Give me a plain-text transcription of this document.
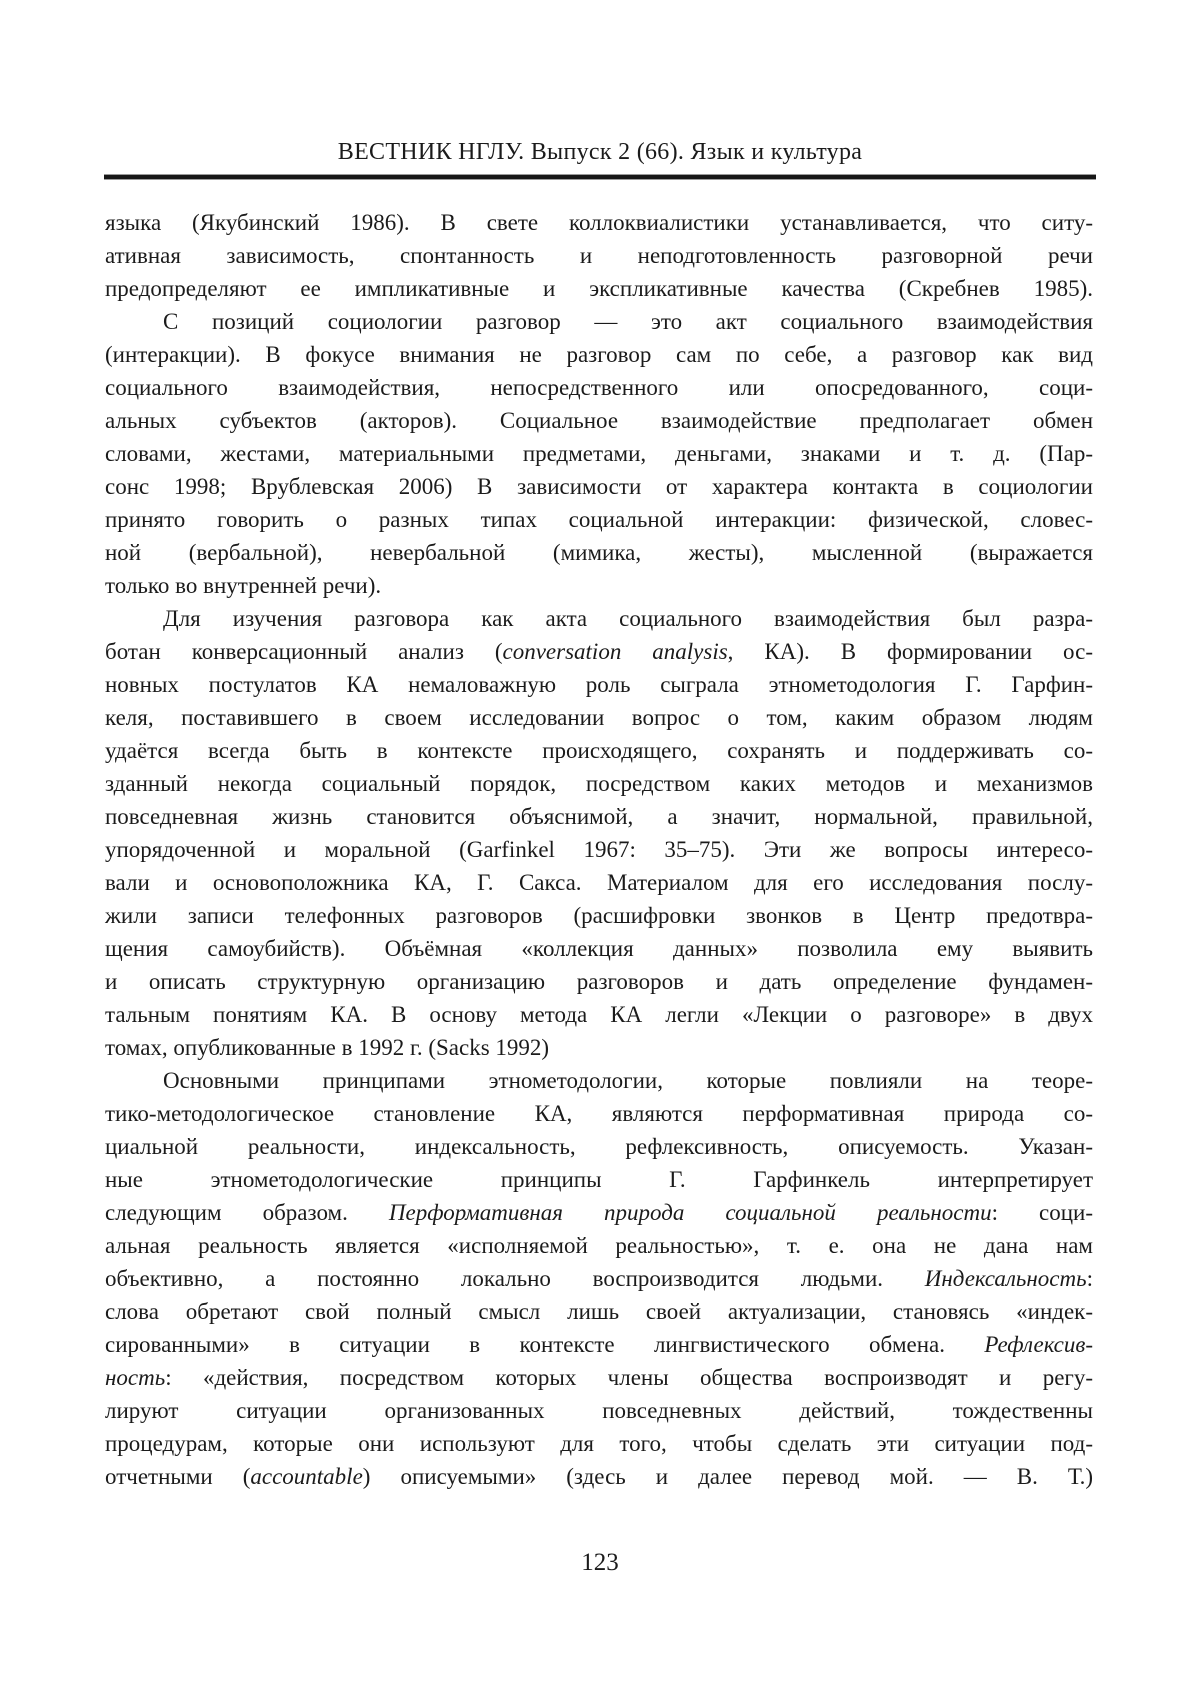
ВЕСТНИК НГЛУ. Выпуск 2 (66). Язык и культура
языка (Якубинский 1986). В свете коллоквиалистики устанавливается, что ситу-
ативная зависимость, спонтанность и неподготовленность разговорной речи
предопределяют ее импликативные и экспликативные качества (Скребнев 1985).
С позиций социологии разговор — это акт социального взаимодействия
(интеракции). В фокусе внимания не разговор сам по себе, а разговор как вид
социального взаимодействия, непосредственного или опосредованного, соци-
альных субъектов (акторов). Социальное взаимодействие предполагает обмен
словами, жестами, материальными предметами, деньгами, знаками и т. д. (Пар-
сонс 1998; Врублевская 2006) В зависимости от характера контакта в социологии
принято говорить о разных типах социальной интеракции: физической, словес-
ной (вербальной), невербальной (мимика, жесты), мысленной (выражается
только во внутренней речи).
Для изучения разговора как акта социального взаимодействия был разра-
ботан конверсационный анализ (conversation analysis, КА). В формировании ос-
новных постулатов КА немаловажную роль сыграла этнометодология Г. Гарфин-
келя, поставившего в своем исследовании вопрос о том, каким образом людям
удаётся всегда быть в контексте происходящего, сохранять и поддерживать со-
зданный некогда социальный порядок, посредством каких методов и механизмов
повседневная жизнь становится объяснимой, а значит, нормальной, правильной,
упорядоченной и моральной (Garfinkel 1967: 35–75). Эти же вопросы интересо-
вали и основоположника КА, Г. Сакса. Материалом для его исследования послу-
жили записи телефонных разговоров (расшифровки звонков в Центр предотвра-
щения самоубийств). Объёмная «коллекция данных» позволила ему выявить
и описать структурную организацию разговоров и дать определение фундамен-
тальным понятиям КА. В основу метода КА легли «Лекции о разговоре» в двух
томах, опубликованные в 1992 г. (Sacks 1992)
Основными принципами этнометодологии, которые повлияли на теоре-
тико-методологическое становление КА, являются перформативная природа со-
циальной реальности, индексальность, рефлексивность, описуемость. Указан-
ные этнометодологические принципы Г. Гарфинкель интерпретирует
следующим образом. Перформативная природа социальной реальности: соци-
альная реальность является «исполняемой реальностью», т. е. она не дана нам
объективно, а постоянно локально воспроизводится людьми. Индексальность:
слова обретают свой полный смысл лишь своей актуализации, становясь «индек-
сированными» в ситуации в контексте лингвистического обмена. Рефлексив-
ность: «действия, посредством которых члены общества воспроизводят и регу-
лируют ситуации организованных повседневных действий, тождественны
процедурам, которые они используют для того, чтобы сделать эти ситуации под-
отчетными (accountable) описуемыми» (здесь и далее перевод мой. — В. Т.)
123
